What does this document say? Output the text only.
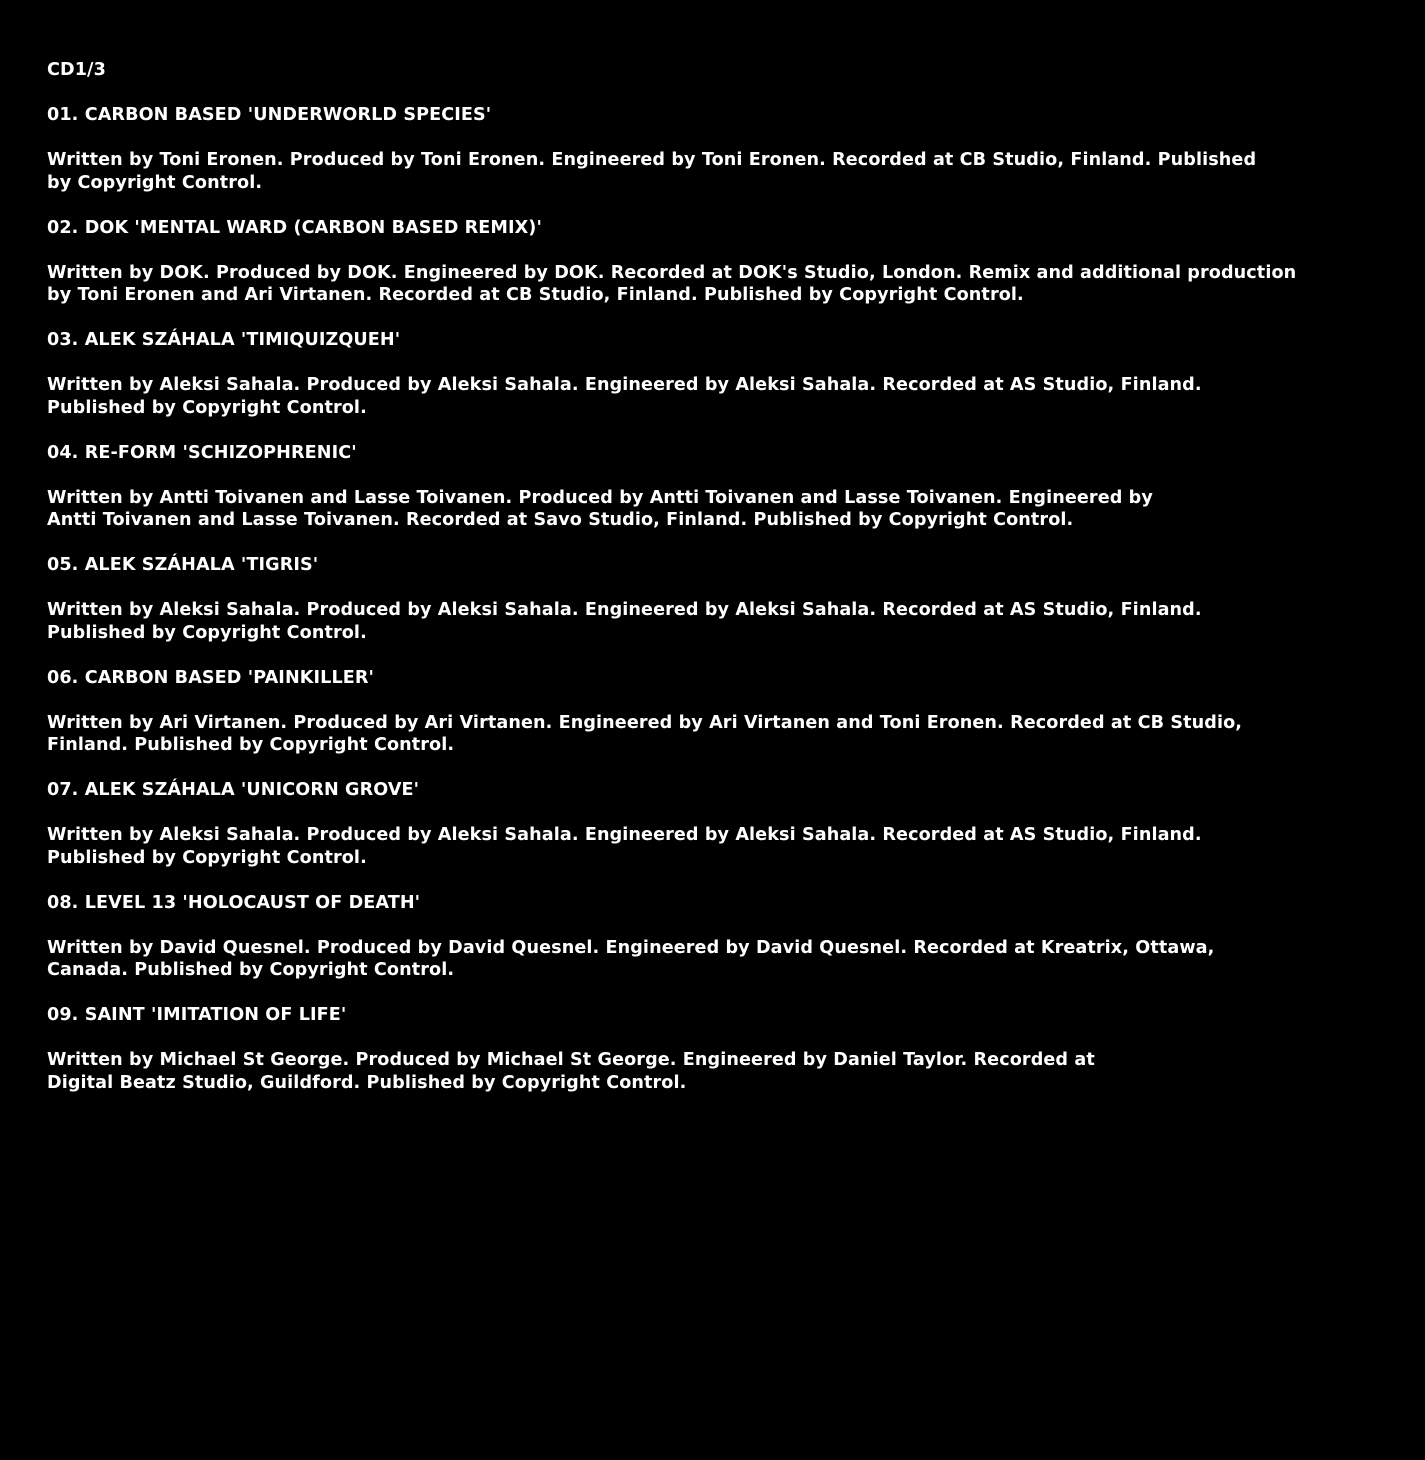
CD1/3
01. CARBON BASED 'UNDERWORLD SPECIES'
Written by Toni Eronen. Produced by Toni Eronen. Engineered by Toni Eronen. Recorded at CB Studio, Finland. Published
by Copyright Control.
02. DOK 'MENTAL WARD (CARBON BASED REMIX)'
Written by DOK. Produced by DOK. Engineered by DOK. Recorded at DOK's Studio, London. Remix and additional production
by Toni Eronen and Ari Virtanen. Recorded at CB Studio, Finland. Published by Copyright Control.
03. ALEK SZÁHALA 'TIMIQUIZQUEH'
Written by Aleksi Sahala. Produced by Aleksi Sahala. Engineered by Aleksi Sahala. Recorded at AS Studio, Finland.
Published by Copyright Control.
04. RE-FORM 'SCHIZOPHRENIC'
Written by Antti Toivanen and Lasse Toivanen. Produced by Antti Toivanen and Lasse Toivanen. Engineered by
Antti Toivanen and Lasse Toivanen. Recorded at Savo Studio, Finland. Published by Copyright Control.
05. ALEK SZÁHALA 'TIGRIS'
Written by Aleksi Sahala. Produced by Aleksi Sahala. Engineered by Aleksi Sahala. Recorded at AS Studio, Finland.
Published by Copyright Control.
06. CARBON BASED 'PAINKILLER'
Written by Ari Virtanen. Produced by Ari Virtanen. Engineered by Ari Virtanen and Toni Eronen. Recorded at CB Studio,
Finland. Published by Copyright Control.
07. ALEK SZÁHALA 'UNICORN GROVE'
Written by Aleksi Sahala. Produced by Aleksi Sahala. Engineered by Aleksi Sahala. Recorded at AS Studio, Finland.
Published by Copyright Control.
08. LEVEL 13 'HOLOCAUST OF DEATH'
Written by David Quesnel. Produced by David Quesnel. Engineered by David Quesnel. Recorded at Kreatrix, Ottawa,
Canada. Published by Copyright Control.
09. SAINT 'IMITATION OF LIFE'
Written by Michael St George. Produced by Michael St George. Engineered by Daniel Taylor. Recorded at
Digital Beatz Studio, Guildford. Published by Copyright Control.
